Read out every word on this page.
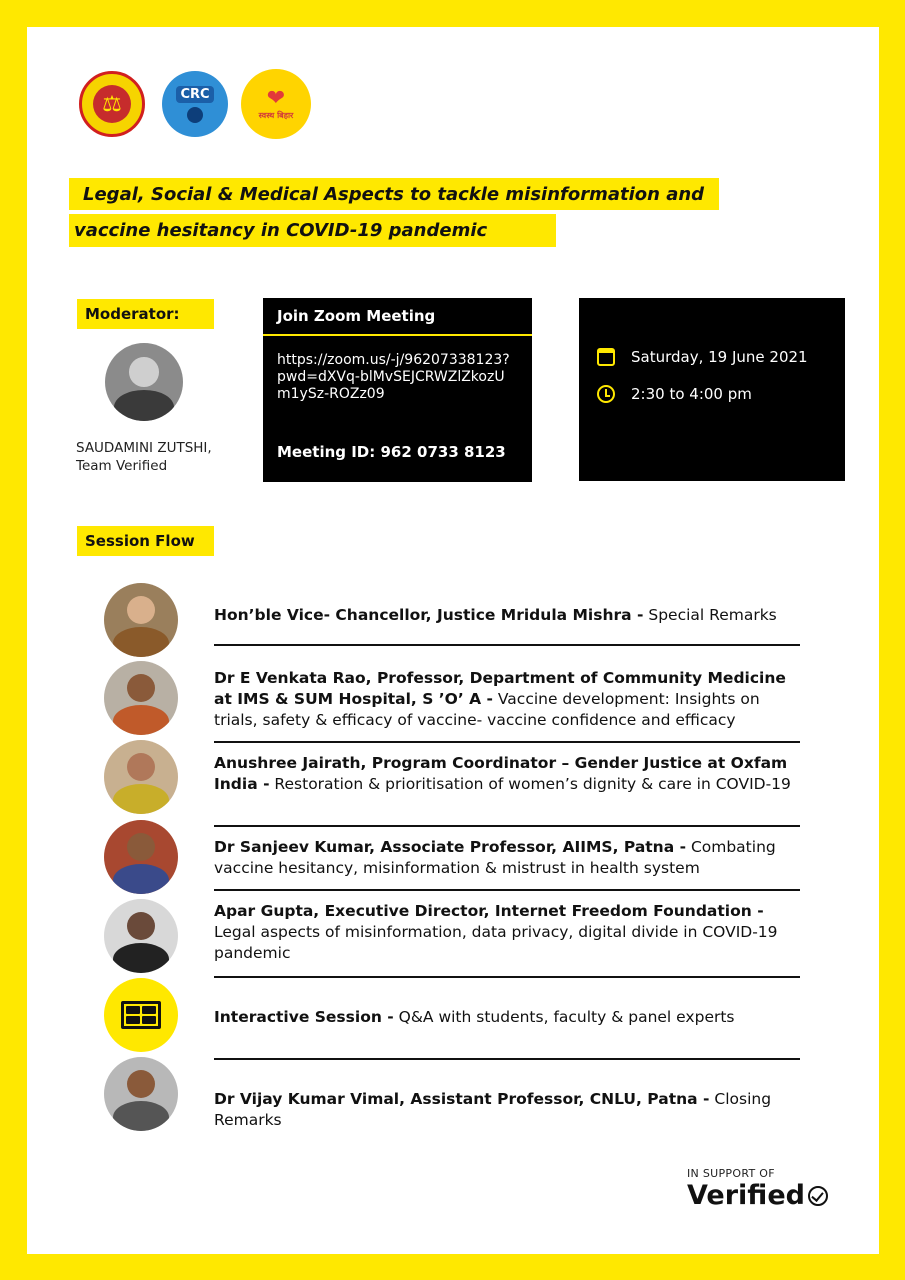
⚖	CRC	❤
स्वस्थ बिहार
Legal, Social & Medical Aspects to tackle misinformation and
vaccine hesitancy in COVID-19 pandemic
Moderator:
SAUDAMINI ZUTSHI,
Team Verified
Join Zoom Meeting
https://zoom.us/-j/96207338123?pwd=dXVq-blMvSEJCRWZlZkozUm1ySz-ROZz09
Meeting ID: 962 0733 8123
Saturday, 19 June 2021
2:30 to 4:00 pm
Session Flow
Hon’ble Vice- Chancellor, Justice Mridula Mishra - Special Remarks
Dr E Venkata Rao, Professor, Department of Community Medicine at IMS & SUM Hospital, S ’O’ A - Vaccine development: Insights on trials, safety & efficacy of vaccine- vaccine confidence and efficacy
Anushree Jairath, Program Coordinator – Gender Justice at Oxfam India - Restoration & prioritisation of women’s dignity & care in COVID-19
Dr Sanjeev Kumar, Associate Professor, AIIMS, Patna - Combating vaccine hesitancy, misinformation & mistrust in health system
Apar Gupta, Executive Director, Internet Freedom Foundation - Legal aspects of misinformation, data privacy, digital divide in COVID-19 pandemic
Interactive Session - Q&A with students, faculty & panel experts
Dr Vijay Kumar Vimal, Assistant Professor, CNLU, Patna - Closing Remarks
IN SUPPORT OF
Verified
